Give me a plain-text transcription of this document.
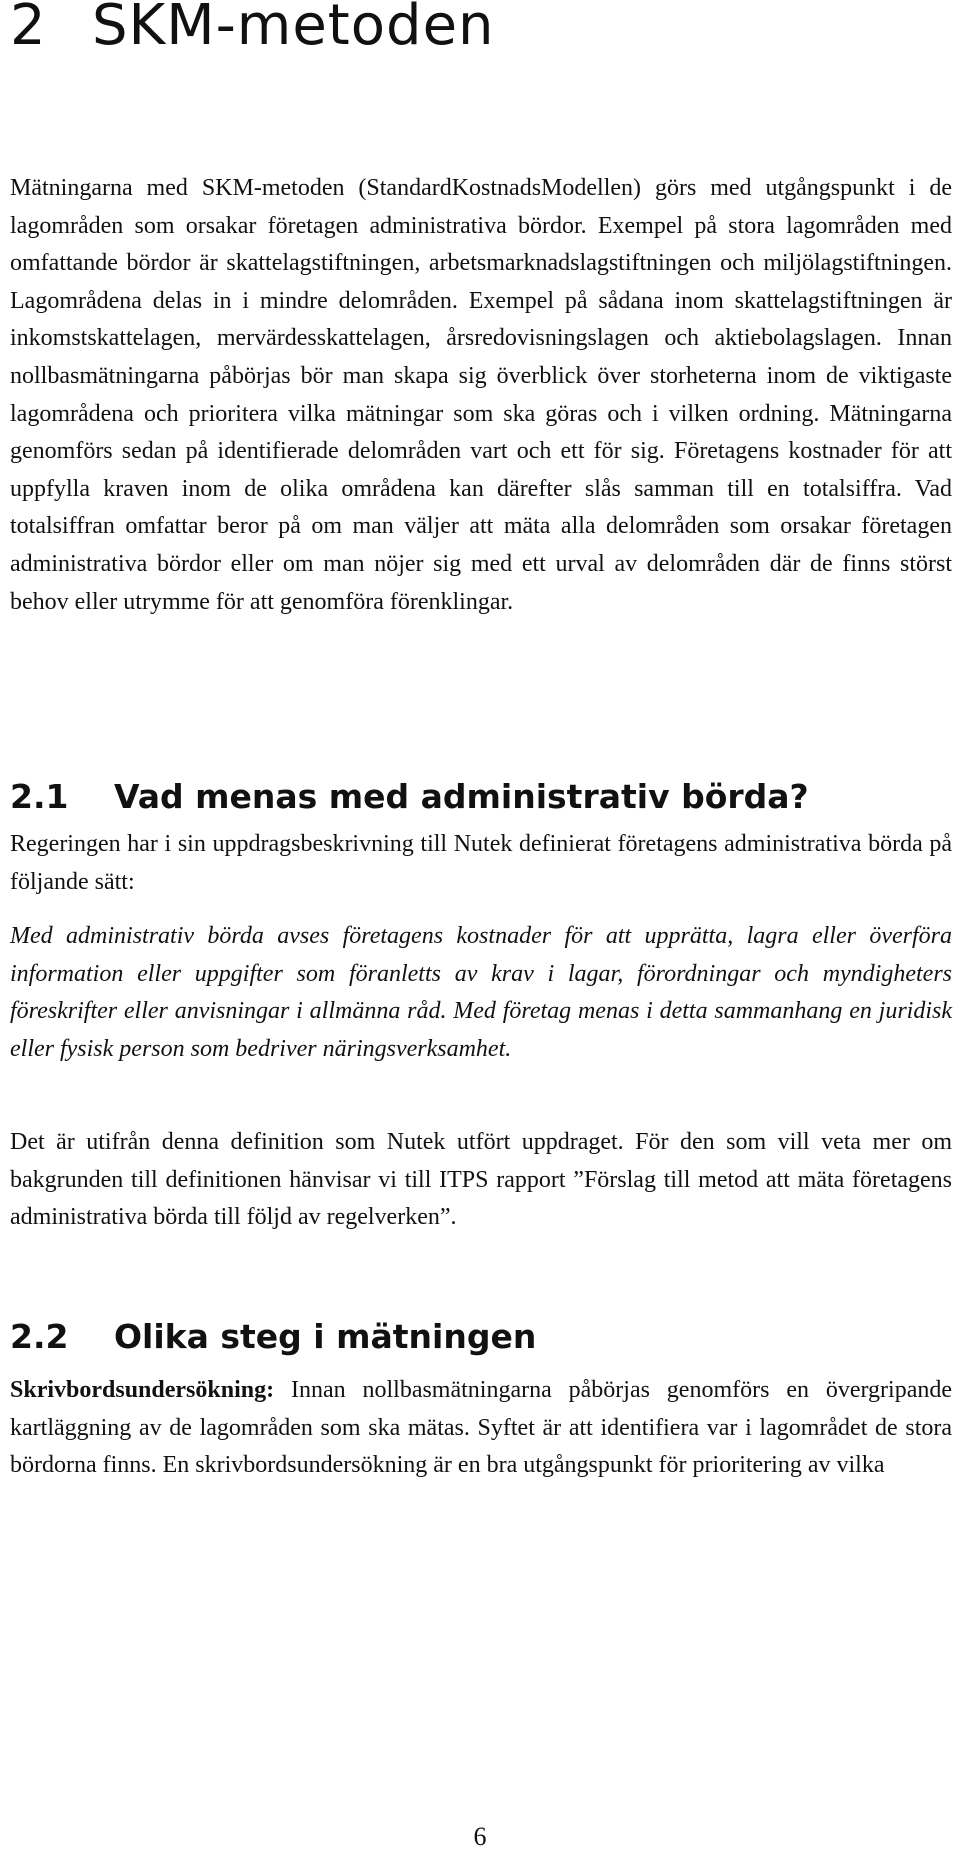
2 SKM-metoden

Mätningarna med SKM-metoden (StandardKostnadsModellen) görs med utgångspunkt i de lagområden som orsakar företagen administrativa bördor. Exempel på stora lagområden med omfattande bördor är skattelagstiftningen, arbetsmarknadslagstiftningen och miljölagstiftningen. Lagområdena delas in i mindre delområden. Exempel på sådana inom skattelagstiftningen är inkomstskattelagen, mervärdesskattelagen, årsredovisningslagen och aktiebolagslagen. Innan nollbasmätningarna påbörjas bör man skapa sig överblick över storheterna inom de viktigaste lagområdena och prioritera vilka mätningar som ska göras och i vilken ordning. Mätningarna genomförs sedan på identifierade delområden vart och ett för sig. Företagens kostnader för att uppfylla kraven inom de olika områdena kan därefter slås samman till en totalsiffra. Vad totalsiffran omfattar beror på om man väljer att mäta alla delområden som orsakar företagen administrativa bördor eller om man nöjer sig med ett urval av delområden där de finns störst behov eller utrymme för att genomföra förenklingar.

2.1 Vad menas med administrativ börda?

Regeringen har i sin uppdragsbeskrivning till Nutek definierat företagens administrativa börda på följande sätt:

Med administrativ börda avses företagens kostnader för att upprätta, lagra eller överföra information eller uppgifter som föranletts av krav i lagar, förordningar och myndigheters föreskrifter eller anvisningar i allmänna råd. Med företag menas i detta sammanhang en juridisk eller fysisk person som bedriver näringsverksamhet.

Det är utifrån denna definition som Nutek utfört uppdraget. För den som vill veta mer om bakgrunden till definitionen hänvisar vi till ITPS rapport ”Förslag till metod att mäta företagens administrativa börda till följd av regelverken”.

2.2 Olika steg i mätningen

Skrivbordsundersökning: Innan nollbasmätningarna påbörjas genomförs en övergripande kartläggning av de lagområden som ska mätas. Syftet är att identifiera var i lagområdet de stora bördorna finns. En skrivbordsundersökning är en bra utgångspunkt för prioritering av vilka

6
